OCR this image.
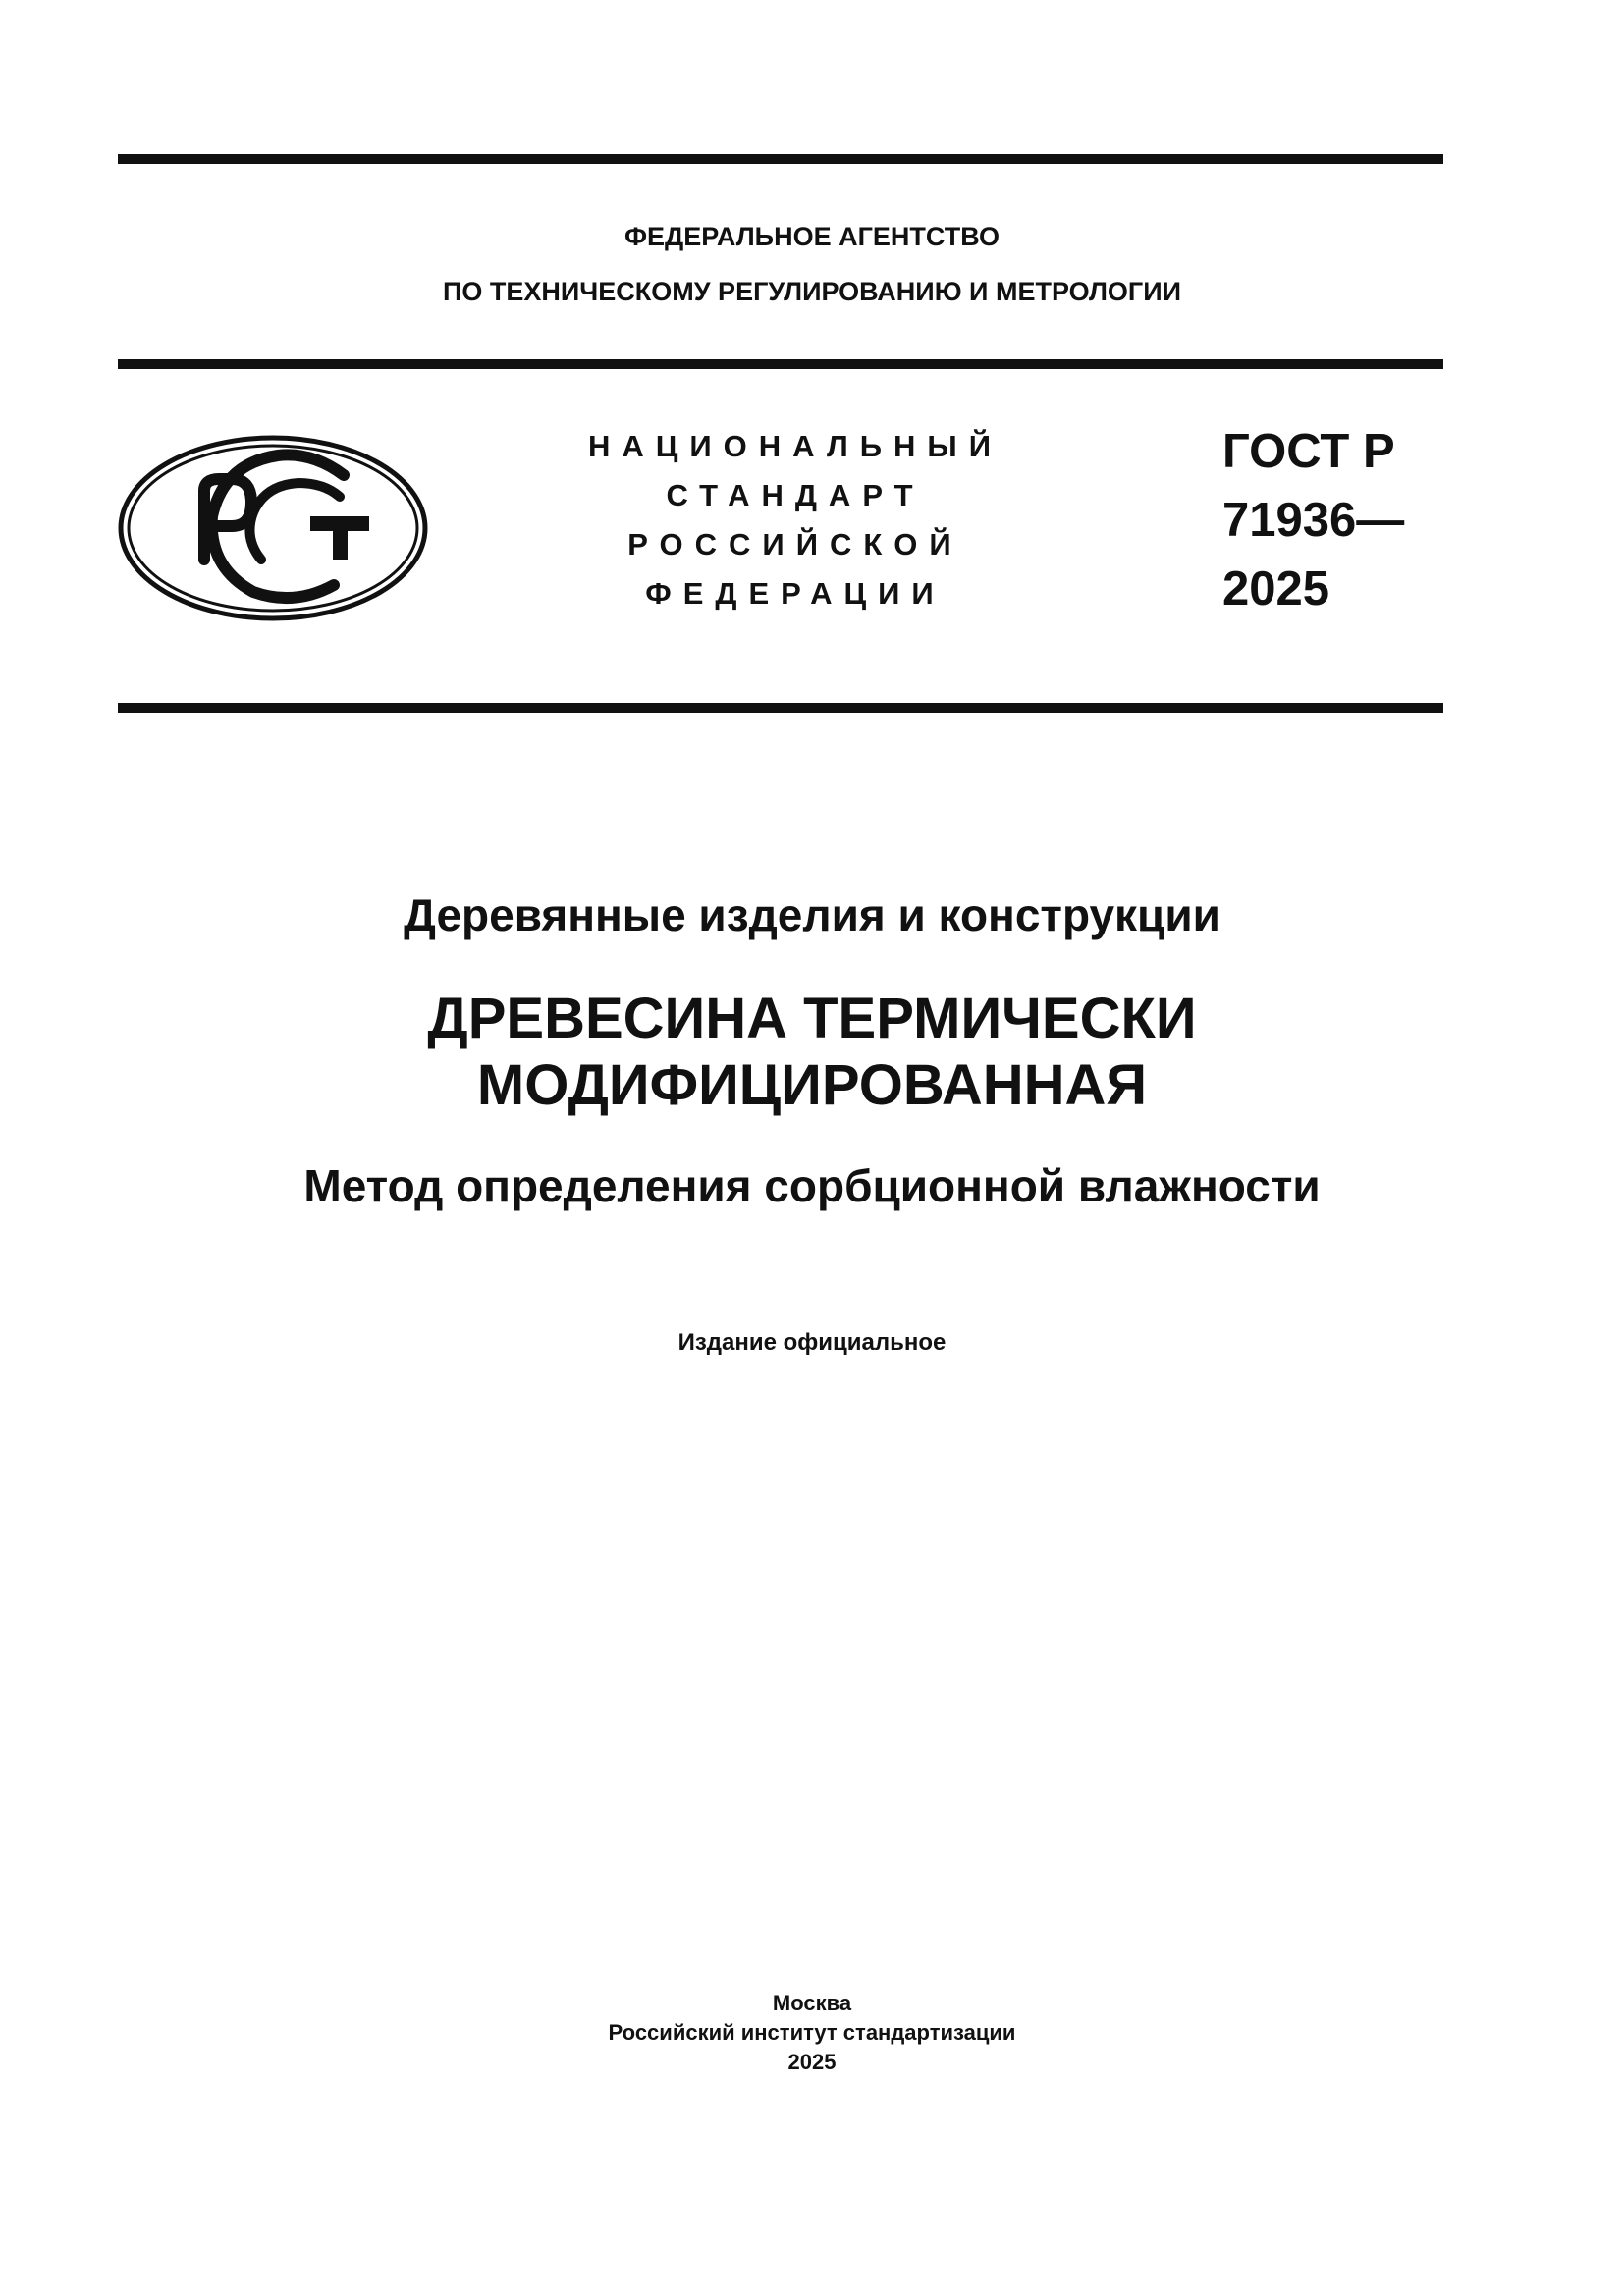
ФЕДЕРАЛЬНОЕ АГЕНТСТВО
ПО ТЕХНИЧЕСКОМУ РЕГУЛИРОВАНИЮ И МЕТРОЛОГИИ
НАЦИОНАЛЬНЫЙ
СТАНДАРТ
РОССИЙСКОЙ
ФЕДЕРАЦИИ
ГОСТ Р
71936—
2025
Деревянные изделия и конструкции
ДРЕВЕСИНА ТЕРМИЧЕСКИ
МОДИФИЦИРОВАННАЯ
Метод определения сорбционной влажности
Издание официальное
Москва
Российский институт стандартизации
2025
